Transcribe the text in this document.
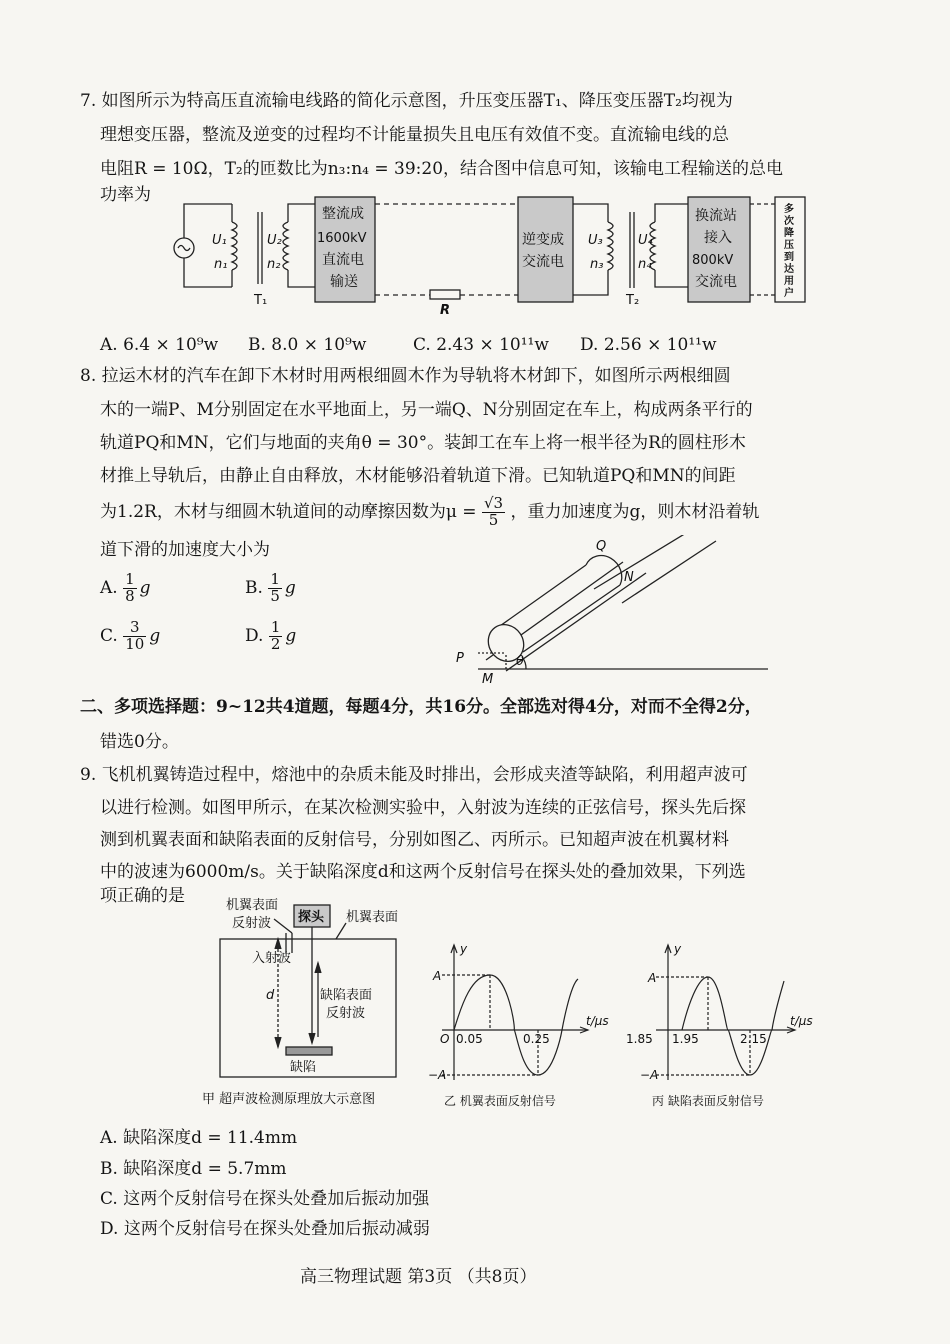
7. 如图所示为特高压直流输电线路的简化示意图，升压变压器T₁、降压变压器T₂均视为
理想变压器，整流及逆变的过程均不计能量损失且电压有效值不变。直流输电线的总
电阻R = 10Ω，T₂的匝数比为n₃:n₄ = 39:20，结合图中信息可知，该输电工程输送的总电
功率为
整流成
1600kV
直流电
输送
逆变成
交流电
换流站
接入
800kV
交流电
多
次
降
压
到
达
用
户
U₁
n₁
U₂
n₂
U₃
n₃
U₄
n₄
T₁	T₂
R
A. 6.4 × 10⁹w B. 8.0 × 10⁹w	C. 2.43 × 10¹¹w D. 2.56 × 10¹¹w
8. 拉运木材的汽车在卸下木材时用两根细圆木作为导轨将木材卸下，如图所示两根细圆
木的一端P、M分别固定在水平地面上，另一端Q、N分别固定在车上，构成两条平行的
轨道PQ和MN，它们与地面的夹角θ = 30°。装卸工在车上将一根半径为R的圆柱形木
材推上导轨后，由静止自由释放，木材能够沿着轨道下滑。已知轨道PQ和MN的间距
为1.2R，木材与细圆木轨道间的动摩擦因数为$\mu = \frac{√3}{5}$ ，重力加速度为g，则木材沿着轨
道下滑的加速度大小为
A. $\frac{1}{8}$ g	B. $\frac{1}{5}$ g
C. $\frac{3}{10}$ g	D. $\frac{1}{2}$ g
Q
N
P
M
θ
二、多项选择题：9~12共4道题，每题4分，共16分。全部选对得4分，对而不全得2分，
错选0分。
9. 飞机机翼铸造过程中，熔池中的杂质未能及时排出，会形成夹渣等缺陷，利用超声波可
以进行检测。如图甲所示，在某次检测实验中，入射波为连续的正弦信号，探头先后探
测到机翼表面和缺陷表面的反射信号，分别如图乙、丙所示。已知超声波在机翼材料
中的波速为6000m/s。关于缺陷深度d和这两个反射信号在探头处的叠加效果，下列选
项正确的是	机翼表面
反射波 探头 机翼表面
入射波
d	缺陷表面
反射波
缺陷
甲 超声波检测原理放大示意图
y
A
−A
O 0.05	0.25
t/μs
乙 机翼表面反射信号
y
A
−A
1.85 1.95	2.15
t/μs
丙 缺陷表面反射信号
A. 缺陷深度d = 11.4mm
B. 缺陷深度d = 5.7mm
C. 这两个反射信号在探头处叠加后振动加强
D. 这两个反射信号在探头处叠加后振动减弱
高三物理试题 第3页 （共8页）
